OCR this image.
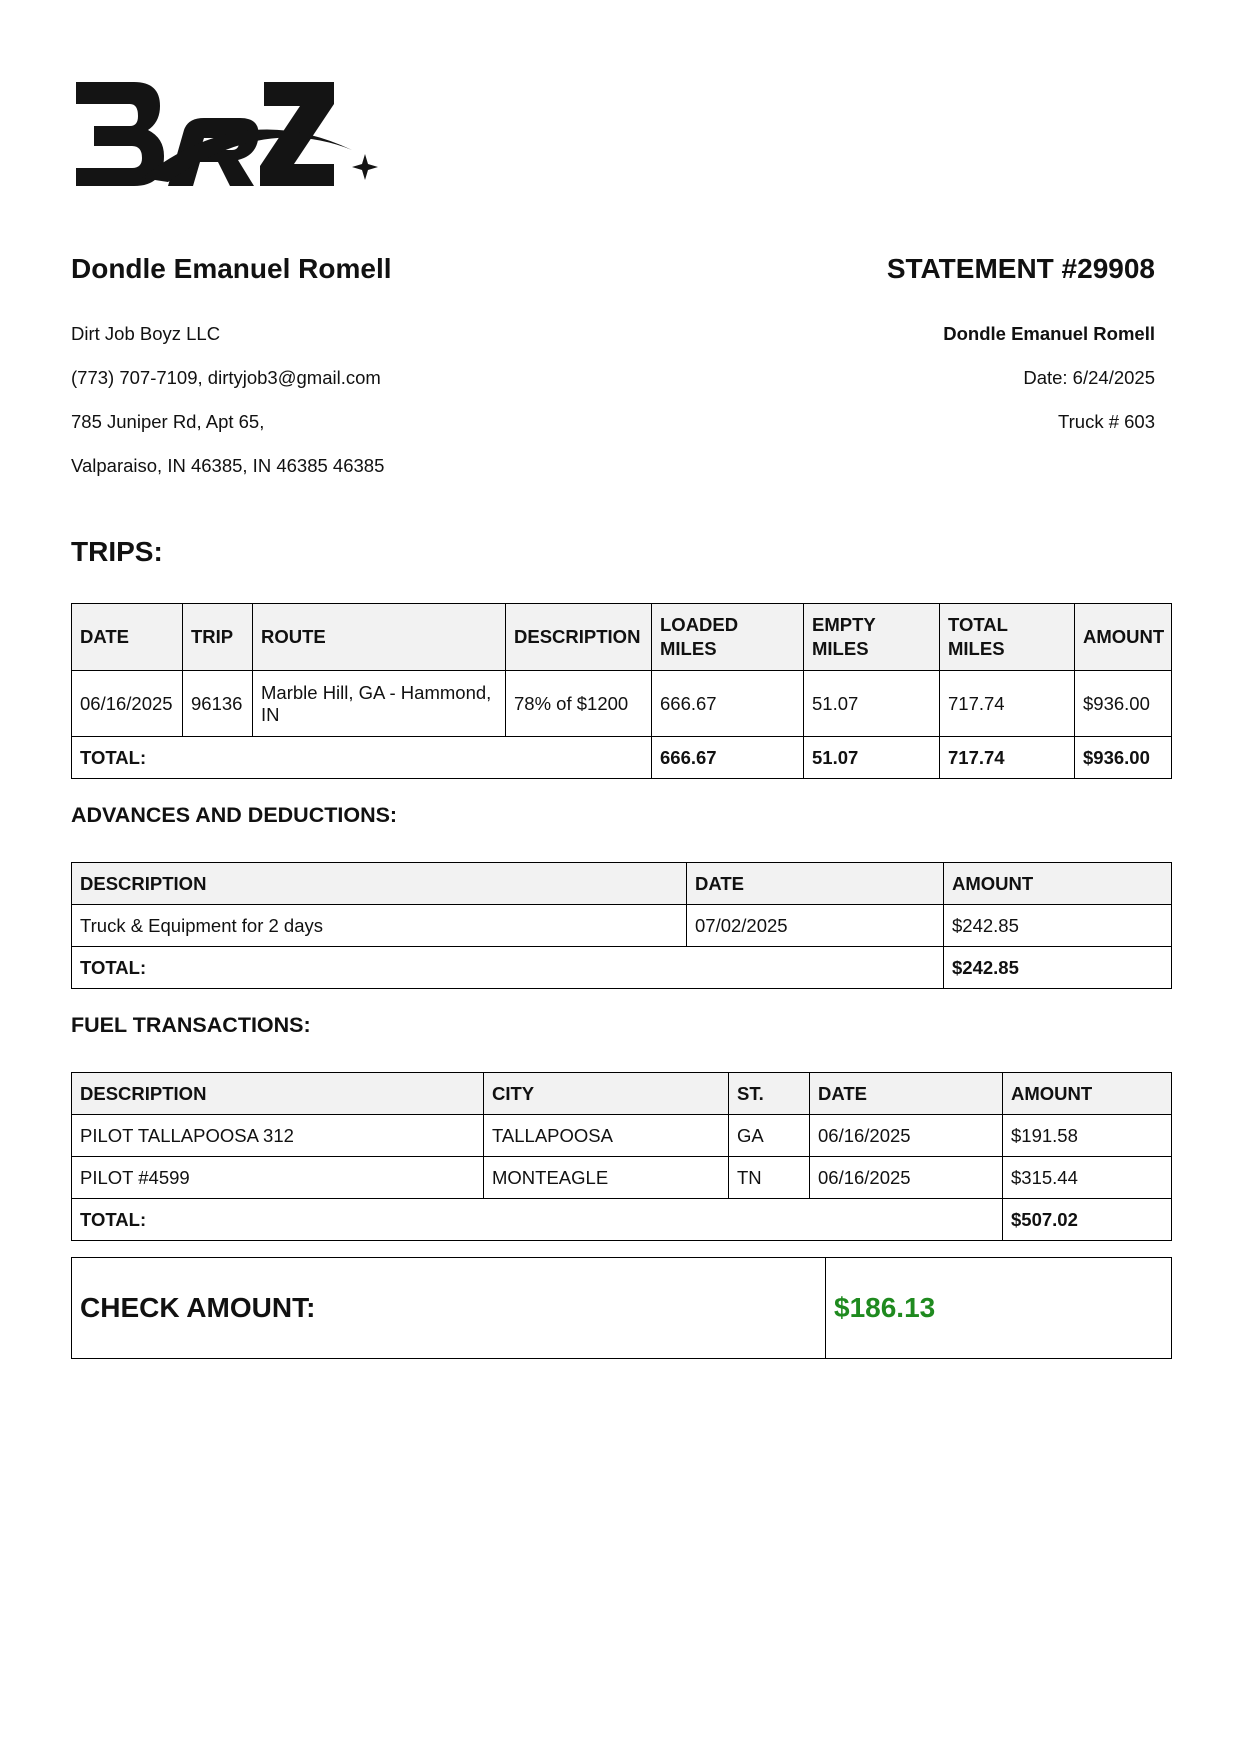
Dondle Emanuel Romell	STATEMENT #29908
Dirt Job Boyz LLC
(773) 707-7109, dirtyjob3@gmail.com
785 Juniper Rd, Apt 65,
Valparaiso, IN 46385, IN 46385 46385
Dondle Emanuel Romell
Date: 6/24/2025
Truck # 603
TRIPS:
DATE	TRIP	ROUTE	DESCRIPTION	LOADED MILES	EMPTY MILES	TOTAL MILES	AMOUNT
06/16/2025	96136	Marble Hill, GA - Hammond, IN	78% of $1200	666.67	51.07	717.74	$936.00
TOTAL:				666.67	51.07	717.74	$936.00
ADVANCES AND DEDUCTIONS:
DESCRIPTION	DATE	AMOUNT
Truck & Equipment for 2 days	07/02/2025	$242.85
TOTAL:		$242.85
FUEL TRANSACTIONS:
DESCRIPTION	CITY	ST.	DATE	AMOUNT
PILOT TALLAPOOSA 312	TALLAPOOSA	GA	06/16/2025	$191.58
PILOT #4599	MONTEAGLE	TN	06/16/2025	$315.44
TOTAL:				$507.02
CHECK AMOUNT:	$186.13
